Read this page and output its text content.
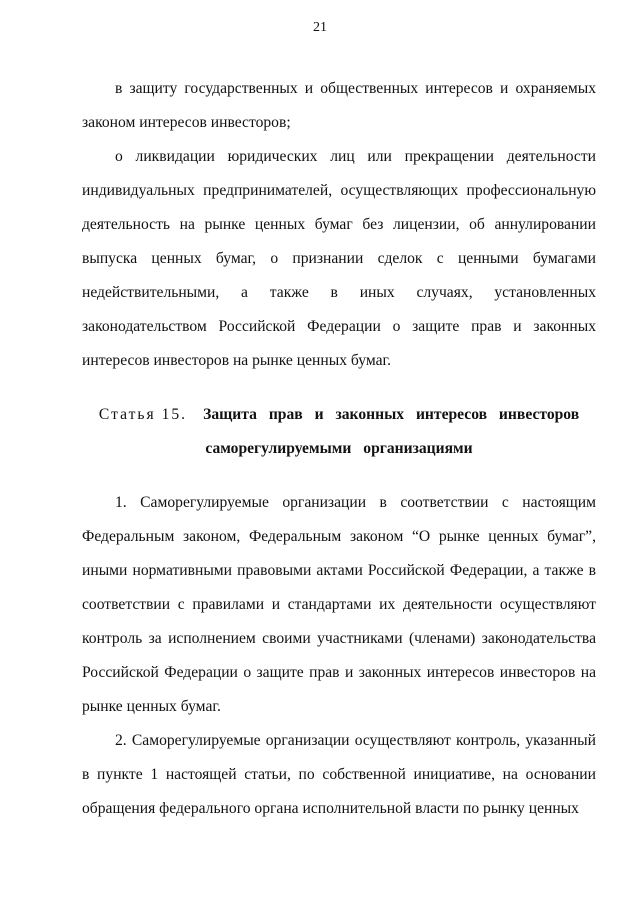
21

в защиту государственных и общественных интересов и охраняемых законом интересов инвесторов;

о ликвидации юридических лиц или прекращении деятельности индивидуальных предпринимателей, осуществляющих профессиональную деятельность на рынке ценных бумаг без лицензии, об аннулировании выпуска ценных бумаг, о признании сделок с ценными бумагами недействительными, а также в иных случаях, установленных законодательством Российской Федерации о защите прав и законных интересов инвесторов на рынке ценных бумаг.

Статья 15. Защита прав и законных интересов инвесторов саморегулируемыми организациями

1. Саморегулируемые организации в соответствии с настоящим Федеральным законом, Федеральным законом “О рынке ценных бумаг”, иными нормативными правовыми актами Российской Федерации, а также в соответствии с правилами и стандартами их деятельности осуществляют контроль за исполнением своими участниками (членами) законодательства Российской Федерации о защите прав и законных интересов инвесторов на рынке ценных бумаг.

2. Саморегулируемые организации осуществляют контроль, указанный в пункте 1 настоящей статьи, по собственной инициативе, на основании обращения федерального органа исполнительной власти по рынку ценных
